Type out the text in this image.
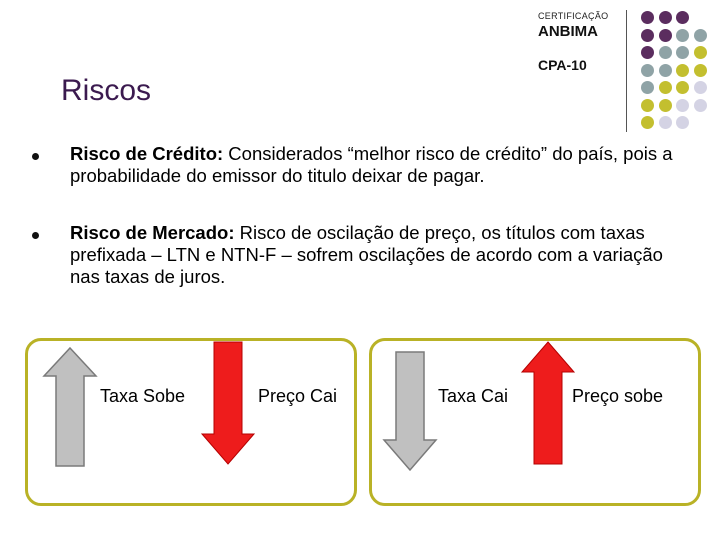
CERTIFICAÇÃO
ANBIMA
CPA-10
Riscos
Risco de Crédito: Considerados “melhor risco de crédito” do país, pois a probabilidade do emissor do titulo deixar de pagar.
Risco de Mercado: Risco de oscilação de preço, os títulos com taxas prefixada – LTN e NTN-F – sofrem oscilações de acordo com a variação nas taxas de juros.
Taxa Sobe	Preço Cai	Taxa Cai	Preço sobe
